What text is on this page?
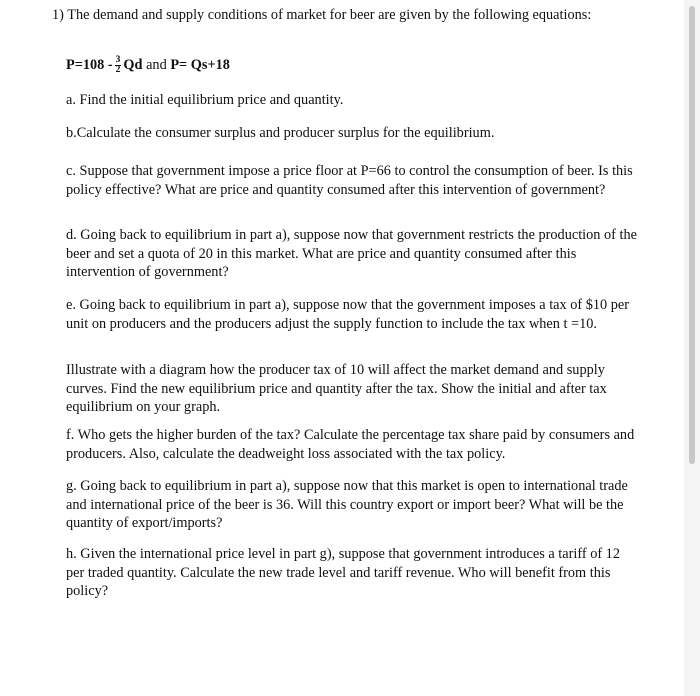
1) The demand and supply conditions of market for beer are given by the following equations:

$P=108 - \frac{3}{2}$ Qd and P= Qs+18

a. Find the initial equilibrium price and quantity.

b.Calculate the consumer surplus and producer surplus for the equilibrium.

c. Suppose that government impose a price floor at P=66 to control the consumption of beer. Is this policy effective? What are price and quantity consumed after this intervention of government?

d. Going back to equilibrium in part a), suppose now that government restricts the production of the beer and set a quota of 20 in this market. What are price and quantity consumed after this intervention of government?

e. Going back to equilibrium in part a), suppose now that the government imposes a tax of $10 per unit on producers and the producers adjust the supply function to include the tax when t =10.

Illustrate with a diagram how the producer tax of 10 will affect the market demand and supply curves. Find the new equilibrium price and quantity after the tax. Show the initial and after tax equilibrium on your graph.

f. Who gets the higher burden of the tax? Calculate the percentage tax share paid by consumers and producers. Also, calculate the deadweight loss associated with the tax policy.

g. Going back to equilibrium in part a), suppose now that this market is open to international trade and international price of the beer is 36. Will this country export or import beer? What will be the quantity of export/imports?

h. Given the international price level in part g), suppose that government introduces a tariff of 12 per traded quantity. Calculate the new trade level and tariff revenue. Who will benefit from this policy?
